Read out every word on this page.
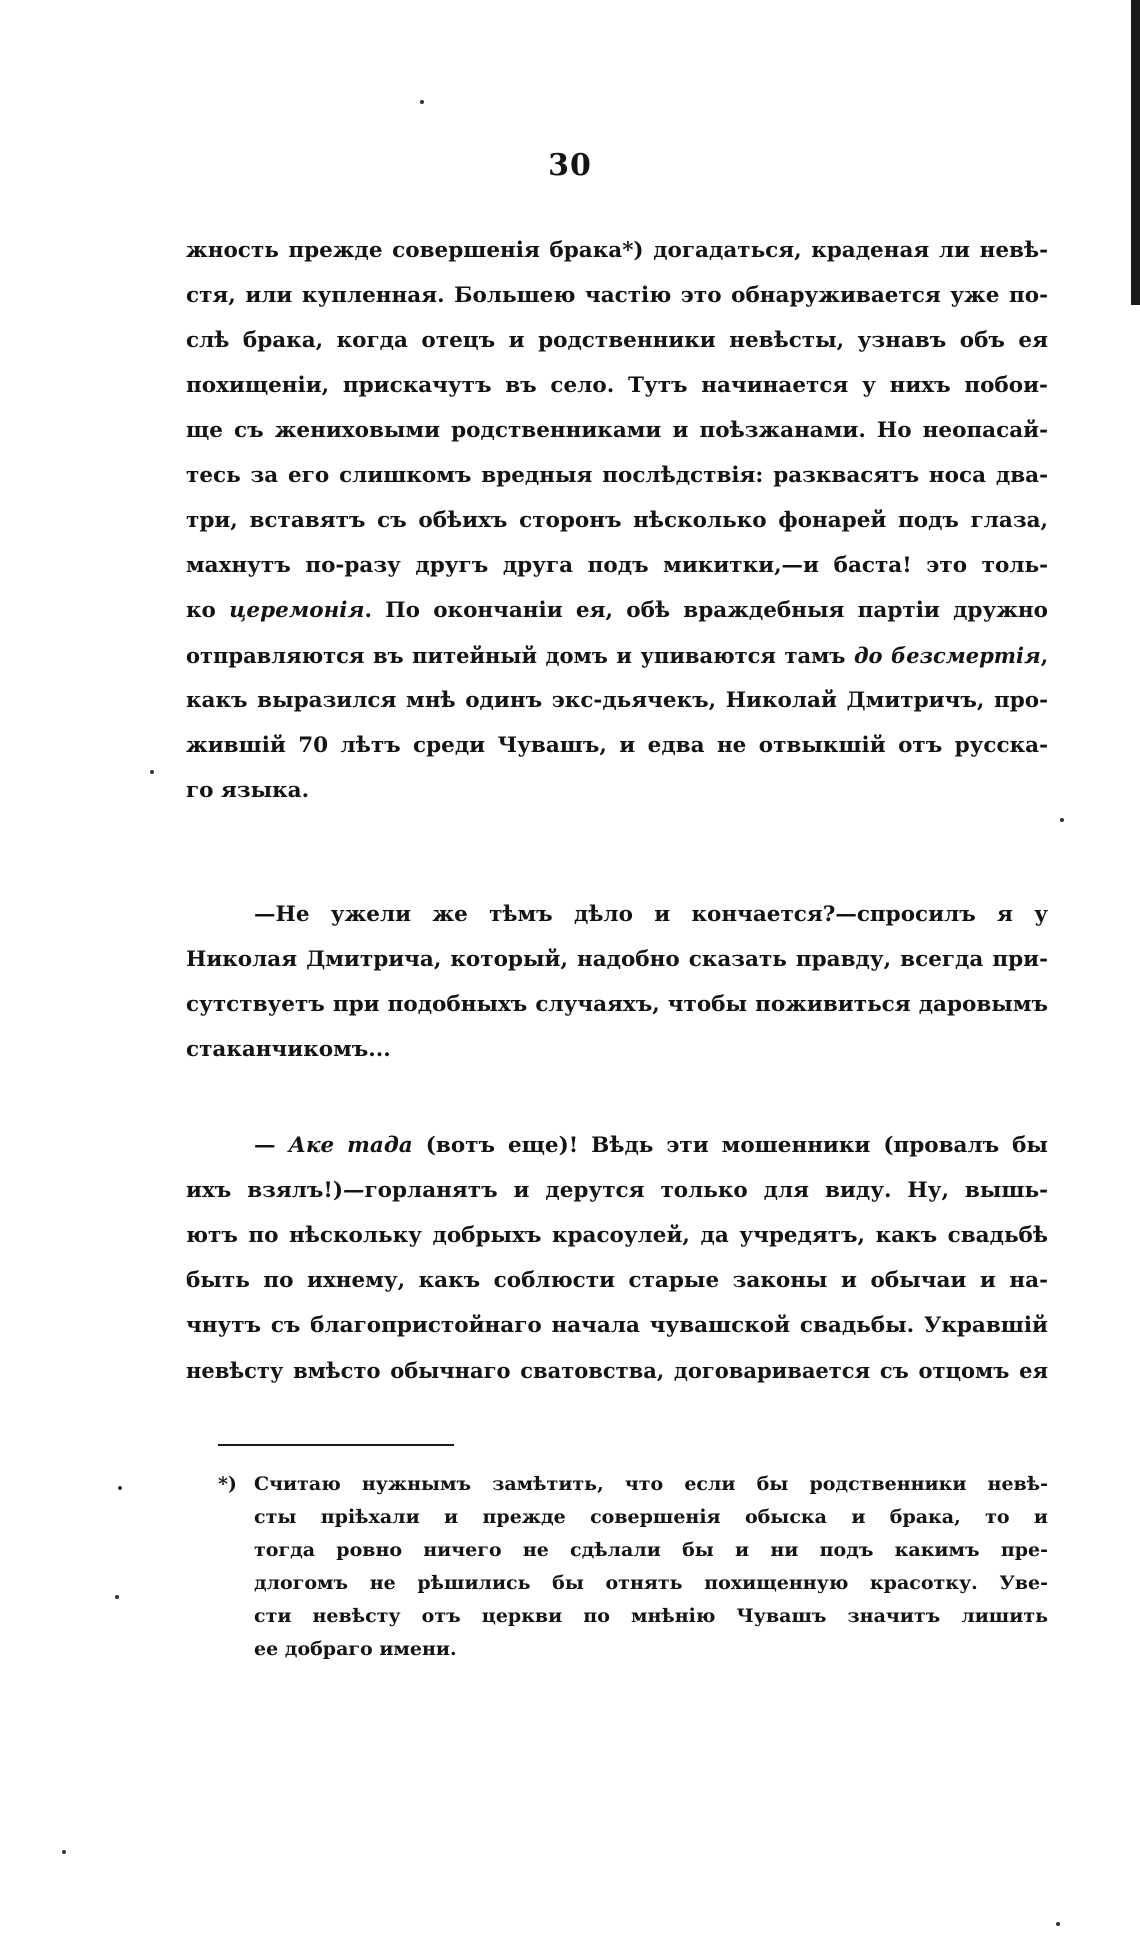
30
жность прежде совершенія брака*) догадаться, краденая ли невѣ-
стя, или купленная. Большею частію это обнаруживается уже по-
слѣ брака, когда отецъ и родственники невѣсты, узнавъ объ ея
похищеніи, прискачутъ въ село. Тутъ начинается у нихъ побои-
ще съ жениховыми родственниками и поѣзжанами. Но неопасай-
тесь за его слишкомъ вредныя послѣдствія: разквасятъ носа два-
три, вставятъ съ обѣихъ сторонъ нѣсколько фонарей подъ глаза,
махнутъ по-разу другъ друга подъ микитки,—и баста! это толь-
ко церемонія. По окончаніи ея, обѣ враждебныя партіи дружно
отправляются въ питейный домъ и упиваются тамъ до безсмертія,
какъ выразился мнѣ одинъ экс-дьячекъ, Николай Дмитричъ, про-
жившій 70 лѣтъ среди Чувашъ, и едва не отвыкшій отъ русска-
го языка.
—Не ужели же тѣмъ дѣло и кончается?—спросилъ я у
Николая Дмитрича, который, надобно сказать правду, всегда при-
сутствуетъ при подобныхъ случаяхъ, чтобы поживиться даровымъ
стаканчикомъ...
— Аке тада (вотъ еще)! Вѣдь эти мошенники (провалъ бы
ихъ взялъ!)—горланятъ и дерутся только для виду. Ну, вышь-
ютъ по нѣскольку добрыхъ красоулей, да учредятъ, какъ свадьбѣ
быть по ихнему, какъ соблюсти старые законы и обычаи и на-
чнутъ съ благопристойнаго начала чувашской свадьбы. Укравшій
невѣсту вмѣсто обычнаго сватовства, договаривается съ отцомъ ея
*) Считаю нужнымъ замѣтить, что если бы родственники невѣ-
сты пріѣхали и прежде совершенія обыска и брака, то и
тогда ровно ничего не сдѣлали бы и ни подъ какимъ пре-
длогомъ не рѣшились бы отнять похищенную красотку. Уве-
сти невѣсту отъ церкви по мнѣнію Чувашъ значитъ лишить
ее добраго имени.
